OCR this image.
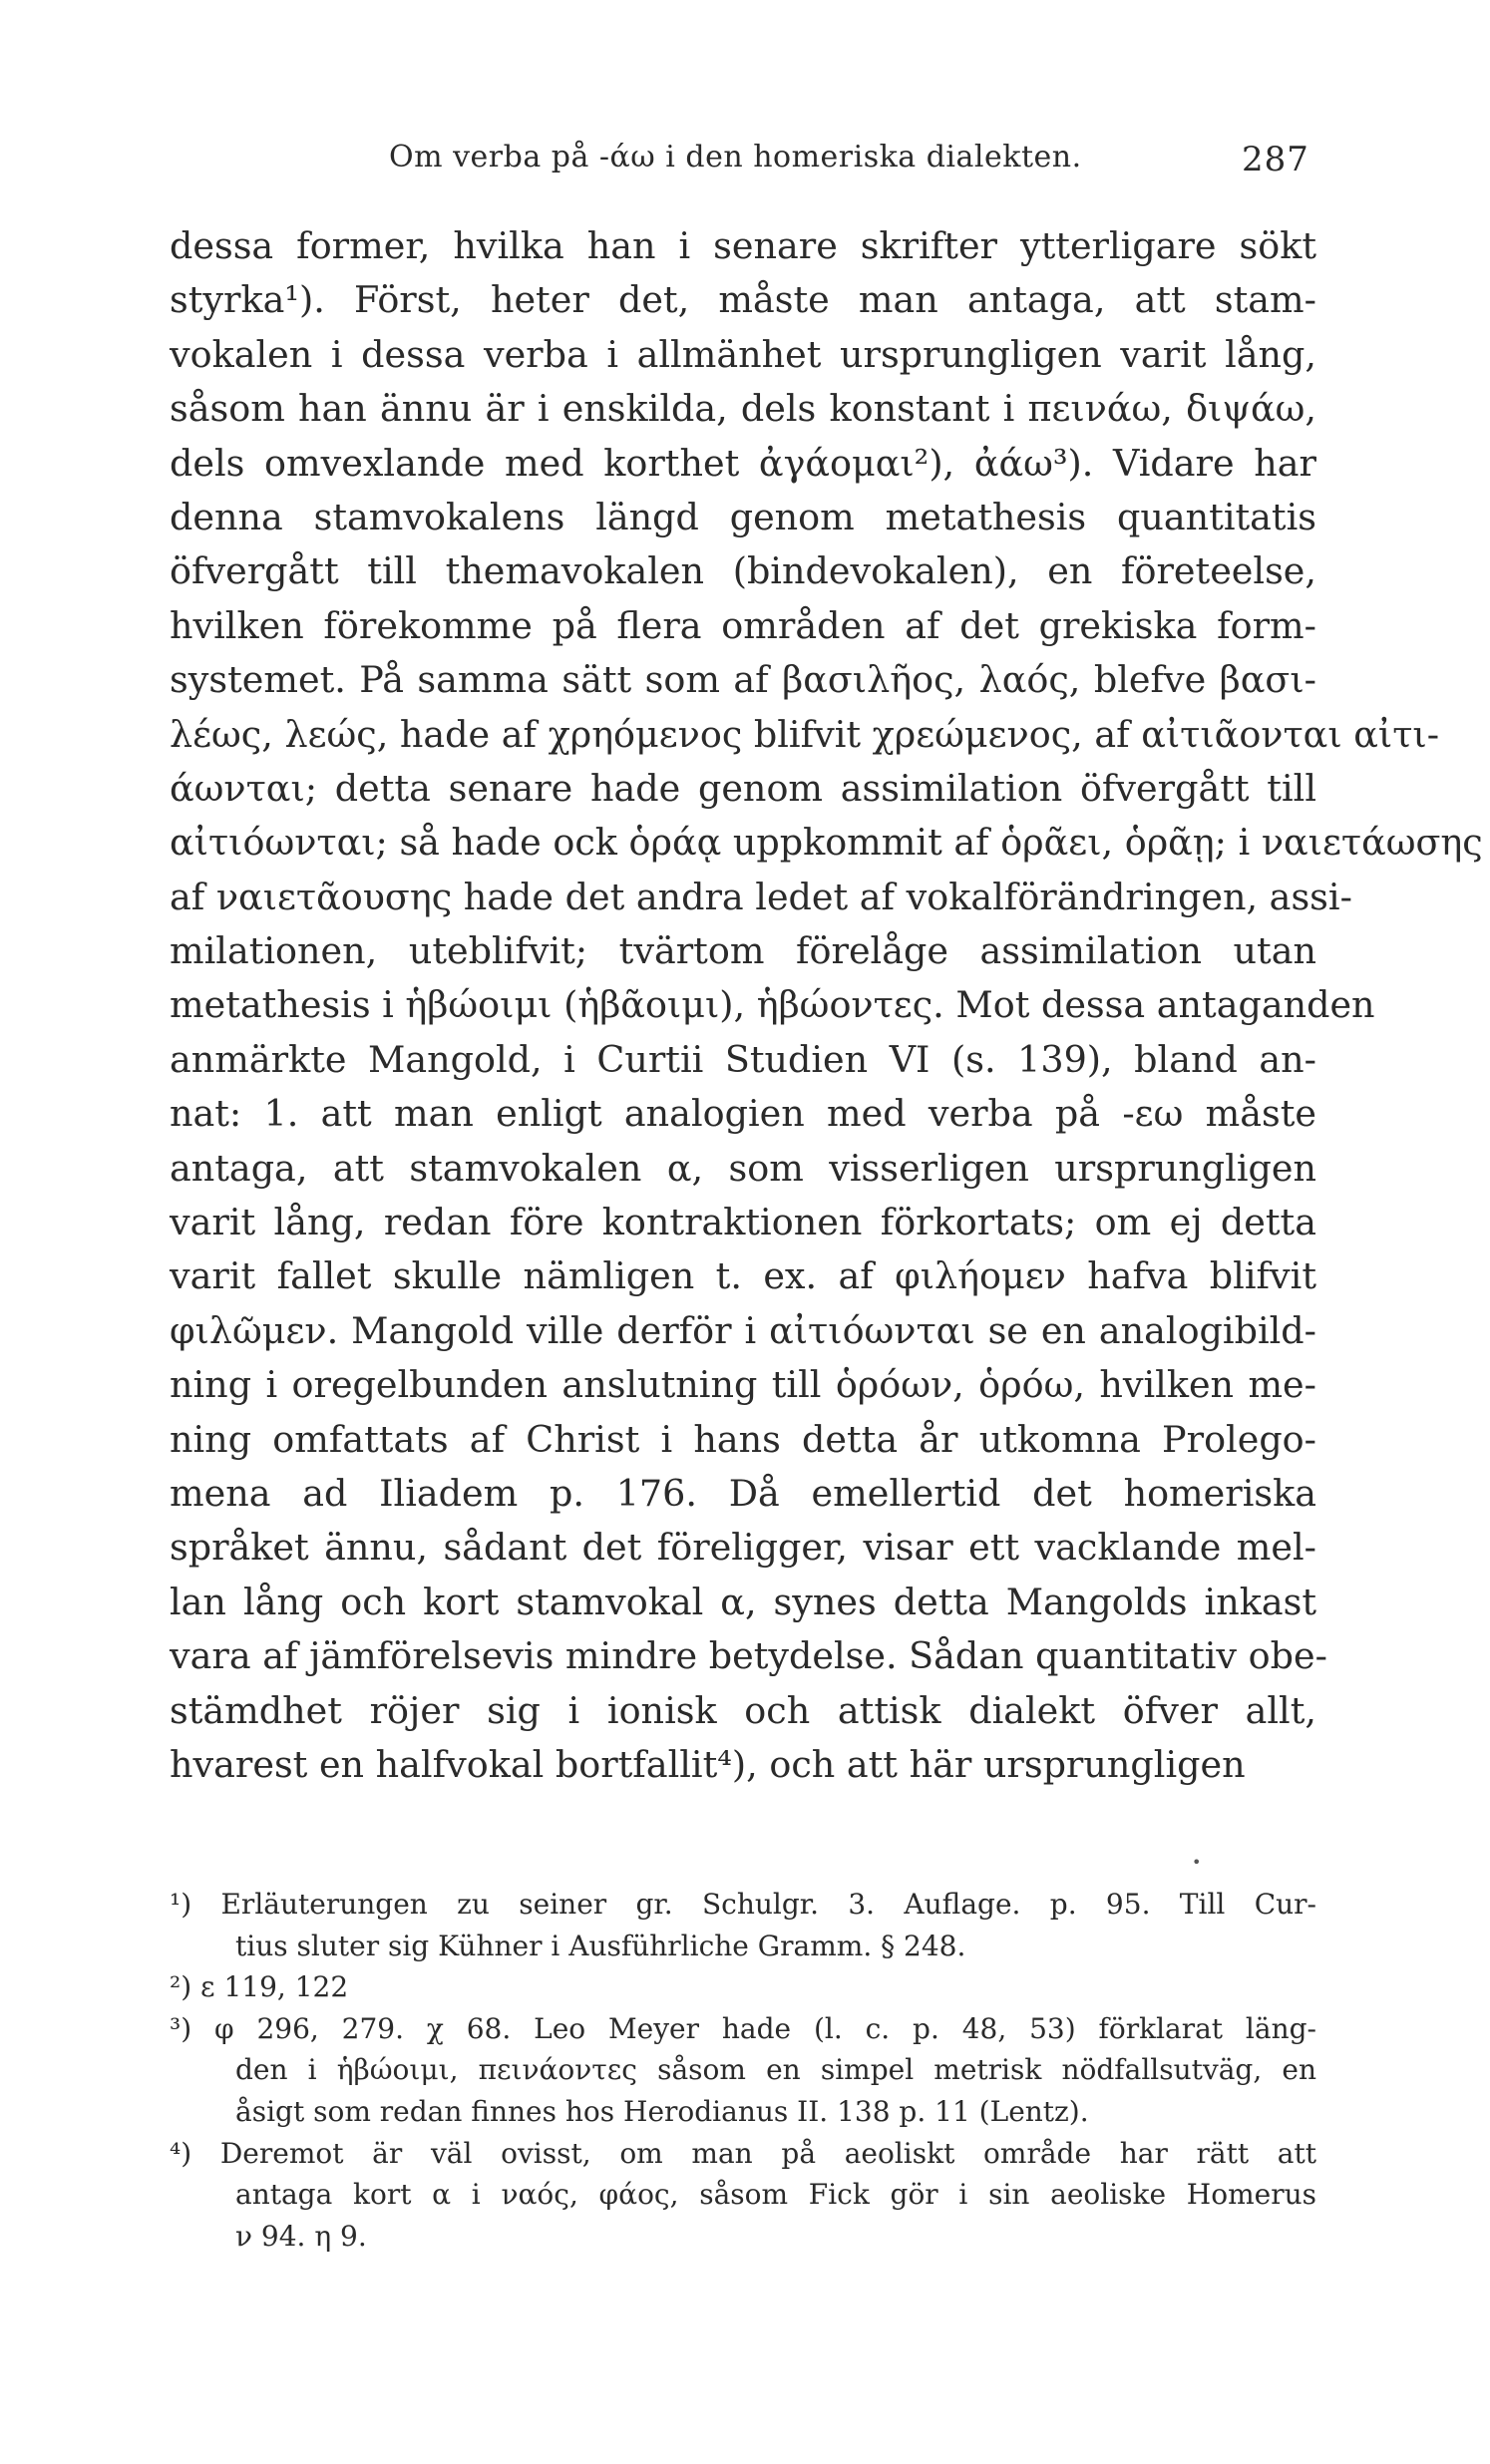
Om verba på -άω i den homeriska dialekten.	287
dessa former, hvilka han i senare skrifter ytterligare sökt
styrka¹). Först, heter det, måste man antaga, att stam-
vokalen i dessa verba i allmänhet ursprungligen varit lång,
såsom han ännu är i enskilda, dels konstant i πεινάω, διψάω,
dels omvexlande med korthet ἀγάομαι²), ἀάω³). Vidare har
denna stamvokalens längd genom metathesis quantitatis
öfvergått till themavokalen (bindevokalen), en företeelse,
hvilken förekomme på flera områden af det grekiska form-
systemet. På samma sätt som af βασιλῆος, λαός, blefve βασι-
λέως, λεώς, hade af χρηόμενος blifvit χρεώμενος, af αἰτιᾶονται αἰτι-
άωνται; detta senare hade genom assimilation öfvergått till
αἰτιόωνται; så hade ock ὁράᾳ uppkommit af ὁρᾶει, ὁρᾶῃ; i ναιετάωσης
af ναιετᾶουσης hade det andra ledet af vokalförändringen, assi-
milationen, uteblifvit; tvärtom förelåge assimilation utan
metathesis i ἡβώοιμι (ἡβᾶοιμι), ἡβώοντες. Mot dessa antaganden
anmärkte Mangold, i Curtii Studien VI (s. 139), bland an-
nat: 1. att man enligt analogien med verba på -εω måste
antaga, att stamvokalen α, som visserligen ursprungligen
varit lång, redan före kontraktionen förkortats; om ej detta
varit fallet skulle nämligen t. ex. af φιλήομεν hafva blifvit
φιλῶμεν. Mangold ville derför i αἰτιόωνται se en analogibild-
ning i oregelbunden anslutning till ὁρόων, ὁρόω, hvilken me-
ning omfattats af Christ i hans detta år utkomna Prolego-
mena ad Iliadem p. 176. Då emellertid det homeriska
språket ännu, sådant det föreligger, visar ett vacklande mel-
lan lång och kort stamvokal α, synes detta Mangolds inkast
vara af jämförelsevis mindre betydelse. Sådan quantitativ obe-
stämdhet röjer sig i ionisk och attisk dialekt öfver allt,
hvarest en halfvokal bortfallit⁴), och att här ursprungligen
•
¹) Erläuterungen zu seiner gr. Schulgr. 3. Auflage. p. 95. Till Cur-
tius sluter sig Kühner i Ausführliche Gramm. § 248.
²) ε 119, 122
³) φ 296, 279. χ 68. Leo Meyer hade (l. c. p. 48, 53) förklarat läng-
den i ἡβώοιμι, πεινάοντες såsom en simpel metrisk nödfallsutväg, en
åsigt som redan finnes hos Herodianus II. 138 p. 11 (Lentz).
⁴) Deremot är väl ovisst, om man på aeoliskt område har rätt att
antaga kort α i ναός, φάος, såsom Fick gör i sin aeoliske Homerus
ν 94. η 9.
